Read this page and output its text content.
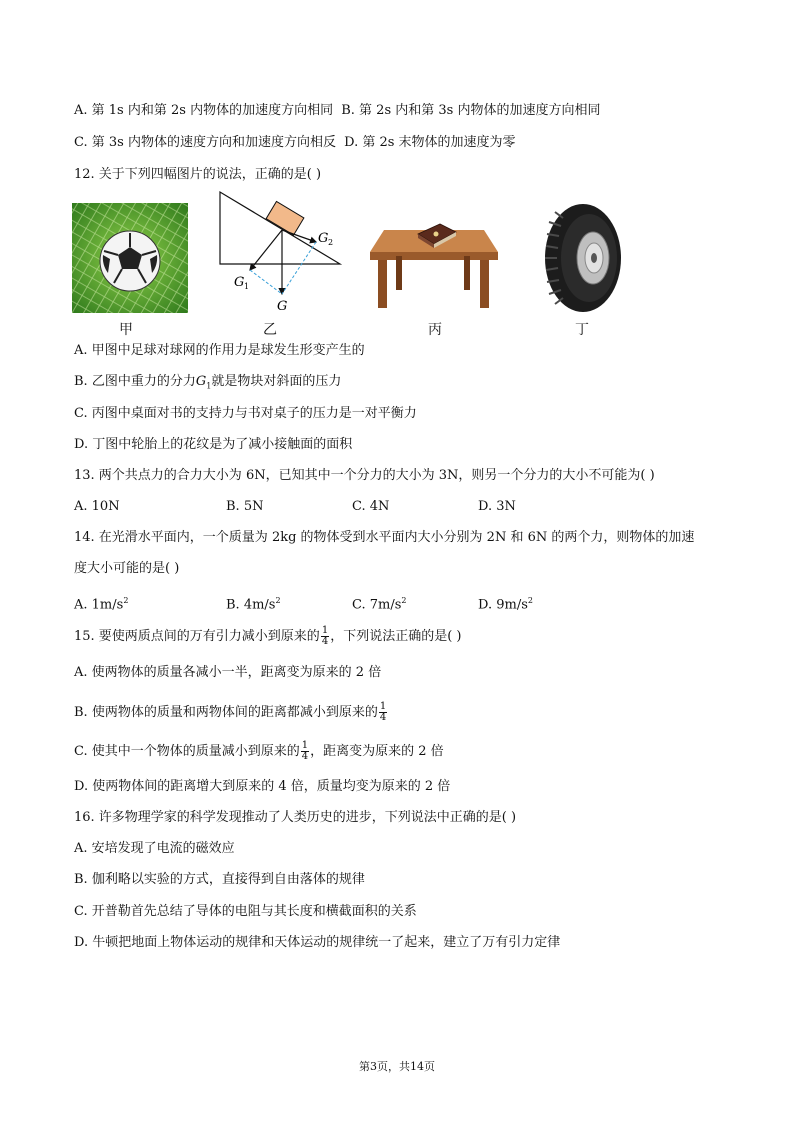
A. 第 1s 内和第 2s 内物体的加速度方向相同 B. 第 2s 内和第 3s 内物体的加速度方向相同
C. 第 3s 内物体的速度方向和加速度方向相反 D. 第 2s 末物体的加速度为零
12. 关于下列四幅图片的说法，正确的是( )
G
G 1
G 2
甲	乙	丙	丁
A. 甲图中足球对球网的作用力是球发生形变产生的
B. 乙图中重力的分力$G_1$就是物块对斜面的压力
C. 丙图中桌面对书的支持力与书对桌子的压力是一对平衡力
D. 丁图中轮胎上的花纹是为了减小接触面的面积
13. 两个共点力的合力大小为 6N，已知其中一个分力的大小为 3N，则另一个分力的大小不可能为( )
A. 10N	B. 5N	C. 4N	D. 3N
14. 在光滑水平面内，一个质量为 2kg 的物体受到水平面内大小分别为 2N 和 6N 的两个力，则物体的加速
度大小可能的是( )
A. $1m/s^2$	B. $4m/s^2$	C. $7m/s^2$	D. $9m/s^2$
15. 要使两质点间的万有引力减小到原来的 $\frac{1}{4}$ ，下列说法正确的是( )
A. 使两物体的质量各减小一半，距离变为原来的 2 倍
B. 使两物体的质量和两物体间的距离都减小到原来的 $\frac{1}{4}$
C. 使其中一个物体的质量减小到原来的 $\frac{1}{4}$ ，距离变为原来的 2 倍
D. 使两物体间的距离增大到原来的 4 倍，质量均变为原来的 2 倍
16. 许多物理学家的科学发现推动了人类历史的进步，下列说法中正确的是( )
A. 安培发现了电流的磁效应
B. 伽利略以实验的方式，直接得到自由落体的规律
C. 开普勒首先总结了导体的电阻与其长度和横截面积的关系
D. 牛顿把地面上物体运动的规律和天体运动的规律统一了起来，建立了万有引力定律
第3页，共14页
